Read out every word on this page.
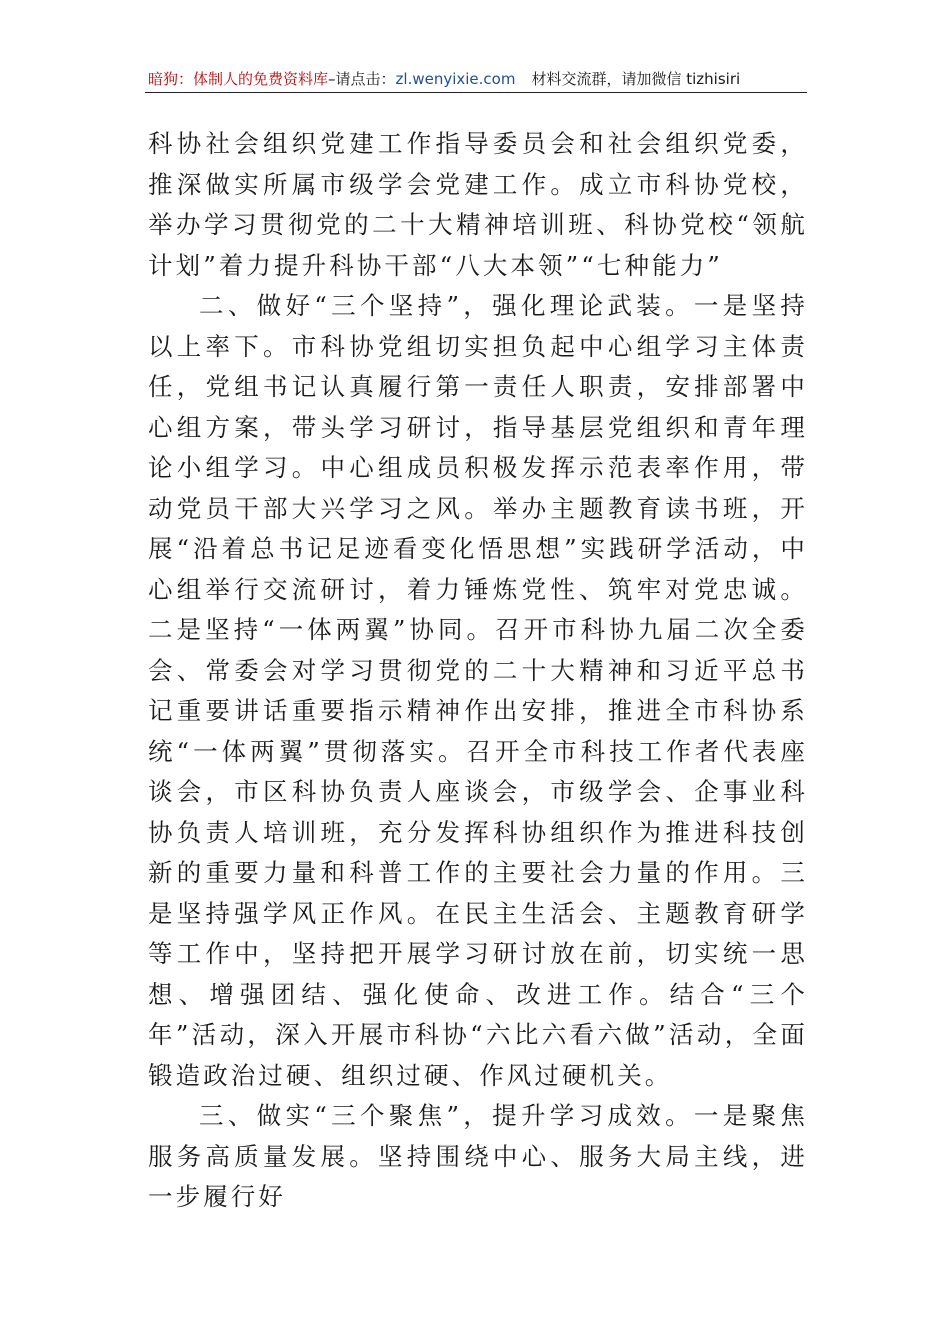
暗狗：体制人的免费资料库–请点击：zl.wenyixie.com 材料交流群，请加微信 tizhisiri

科协社会组织党建工作指导委员会和社会组织党委，推深做实所属市级学会党建工作。成立市科协党校，举办学习贯彻党的二十大精神培训班、科协党校“领航计划”着力提升科协干部“八大本领”“七种能力”

二、做好“三个坚持”，强化理论武装。一是坚持以上率下。市科协党组切实担负起中心组学习主体责任，党组书记认真履行第一责任人职责，安排部署中心组方案，带头学习研讨，指导基层党组织和青年理论小组学习。中心组成员积极发挥示范表率作用，带动党员干部大兴学习之风。举办主题教育读书班，开展“沿着总书记足迹看变化悟思想”实践研学活动，中心组举行交流研讨，着力锤炼党性、筑牢对党忠诚。二是坚持“一体两翼”协同。召开市科协九届二次全委会、常委会对学习贯彻党的二十大精神和习近平总书记重要讲话重要指示精神作出安排，推进全市科协系统“一体两翼”贯彻落实。召开全市科技工作者代表座谈会，市区科协负责人座谈会，市级学会、企事业科协负责人培训班，充分发挥科协组织作为推进科技创新的重要力量和科普工作的主要社会力量的作用。三是坚持强学风正作风。在民主生活会、主题教育研学等工作中，坚持把开展学习研讨放在前，切实统一思想、增强团结、强化使命、改进工作。结合“三个年”活动，深入开展市科协“六比六看六做”活动，全面锻造政治过硬、组织过硬、作风过硬机关。

三、做实“三个聚焦”，提升学习成效。一是聚焦服务高质量发展。坚持围绕中心、服务大局主线，进一步履行好
